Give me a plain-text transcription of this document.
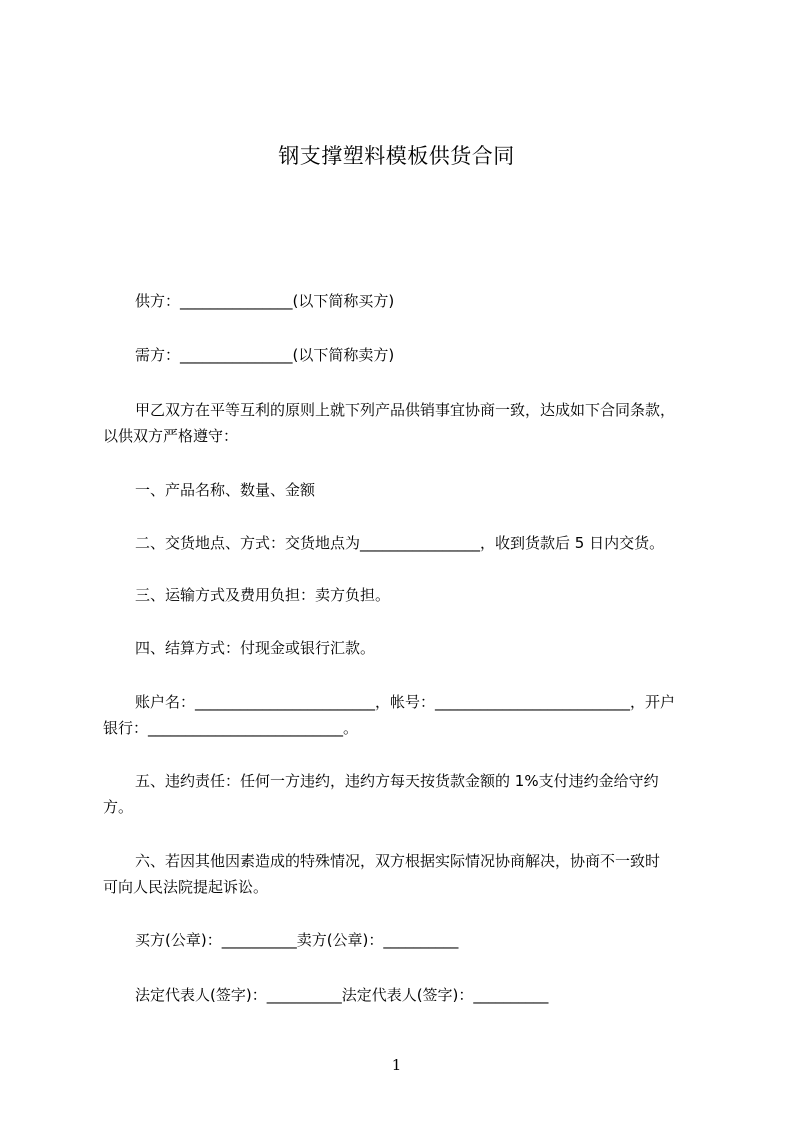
钢支撑塑料模板供货合同
供方：_______________(以下简称买方)
需方：_______________(以下简称卖方)
甲乙双方在平等互利的原则上就下列产品供销事宜协商一致，达成如下合同条款，
以供双方严格遵守：
一、产品名称、数量、金额
二、交货地点、方式：交货地点为________________，收到货款后 5 日内交货。
三、运输方式及费用负担：卖方负担。
四、结算方式：付现金或银行汇款。
账户名：________________________，帐号：__________________________，开户
银行：__________________________。
五、违约责任：任何一方违约，违约方每天按货款金额的 1%支付违约金给守约
方。
六、若因其他因素造成的特殊情况，双方根据实际情况协商解决，协商不一致时
可向人民法院提起诉讼。
买方(公章)：__________卖方(公章)：__________
法定代表人(签字)：__________法定代表人(签字)：__________
1
